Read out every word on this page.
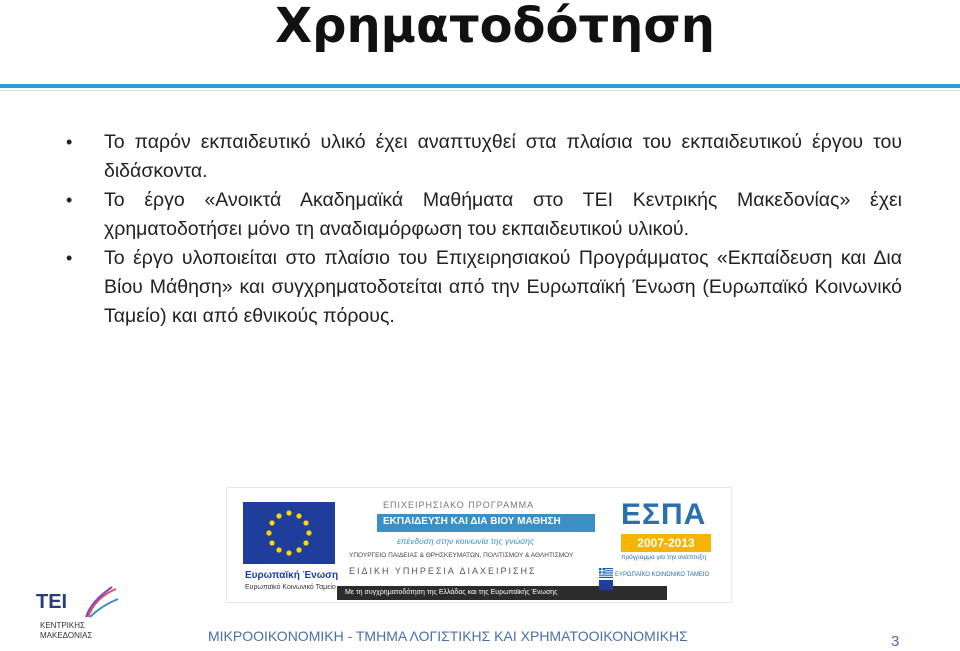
Χρηματοδότηση
• Το παρόν εκπαιδευτικό υλικό έχει αναπτυχθεί στα πλαίσια του εκπαιδευτικού έργου του διδάσκοντα.
• Το έργο «Ανοικτά Ακαδημαϊκά Μαθήματα στο ΤΕΙ Κεντρικής Μακεδονίας» έχει χρηματοδοτήσει μόνο τη αναδιαμόρφωση του εκπαιδευτικού υλικού.
• Το έργο υλοποιείται στο πλαίσιο του Επιχειρησιακού Προγράμματος «Εκπαίδευση και Δια Βίου Μάθηση» και συγχρηματοδοτείται από την Ευρωπαϊκή Ένωση (Ευρωπαϊκό Κοινωνικό Ταμείο) και από εθνικούς πόρους.
Ευρωπαϊκή Ένωση
Ευρωπαϊκό Κοινωνικό Ταμείο
ΕΠΙΧΕΙΡΗΣΙΑΚΟ ΠΡΟΓΡΑΜΜΑ
ΕΚΠΑΙΔΕΥΣΗ ΚΑΙ ΔΙΑ ΒΙΟΥ ΜΑΘΗΣΗ
επένδυση στην κοινωνία της γνώσης
ΥΠΟΥΡΓΕΙΟ ΠΑΙΔΕΙΑΣ & ΘΡΗΣΚΕΥΜΑΤΩΝ, ΠΟΛΙΤΙΣΜΟΥ & ΑΘΛΗΤΙΣΜΟΥ
ΕΙΔΙΚΗ ΥΠΗΡΕΣΙΑ ΔΙΑΧΕΙΡΙΣΗΣ
Με τη συγχρηματοδότηση της Ελλάδας και της Ευρωπαϊκής Ένωσης
ΕΣΠΑ
2007-2013
πρόγραμμα για την ανάπτυξη
ΕΥΡΩΠΑΪΚΟ ΚΟΙΝΩΝΙΚΟ ΤΑΜΕΙΟ
ΤΕΙ
ΚΕΝΤΡΙΚΗΣ
ΜΑΚΕΔΟΝΙΑΣ	ΜΙΚΡΟΟΙΚΟΝΟΜΙΚΗ - ΤΜΗΜΑ ΛΟΓΙΣΤΙΚΗΣ ΚΑΙ ΧΡΗΜΑΤΟΟΙΚΟΝΟΜΙΚΗΣ	3
